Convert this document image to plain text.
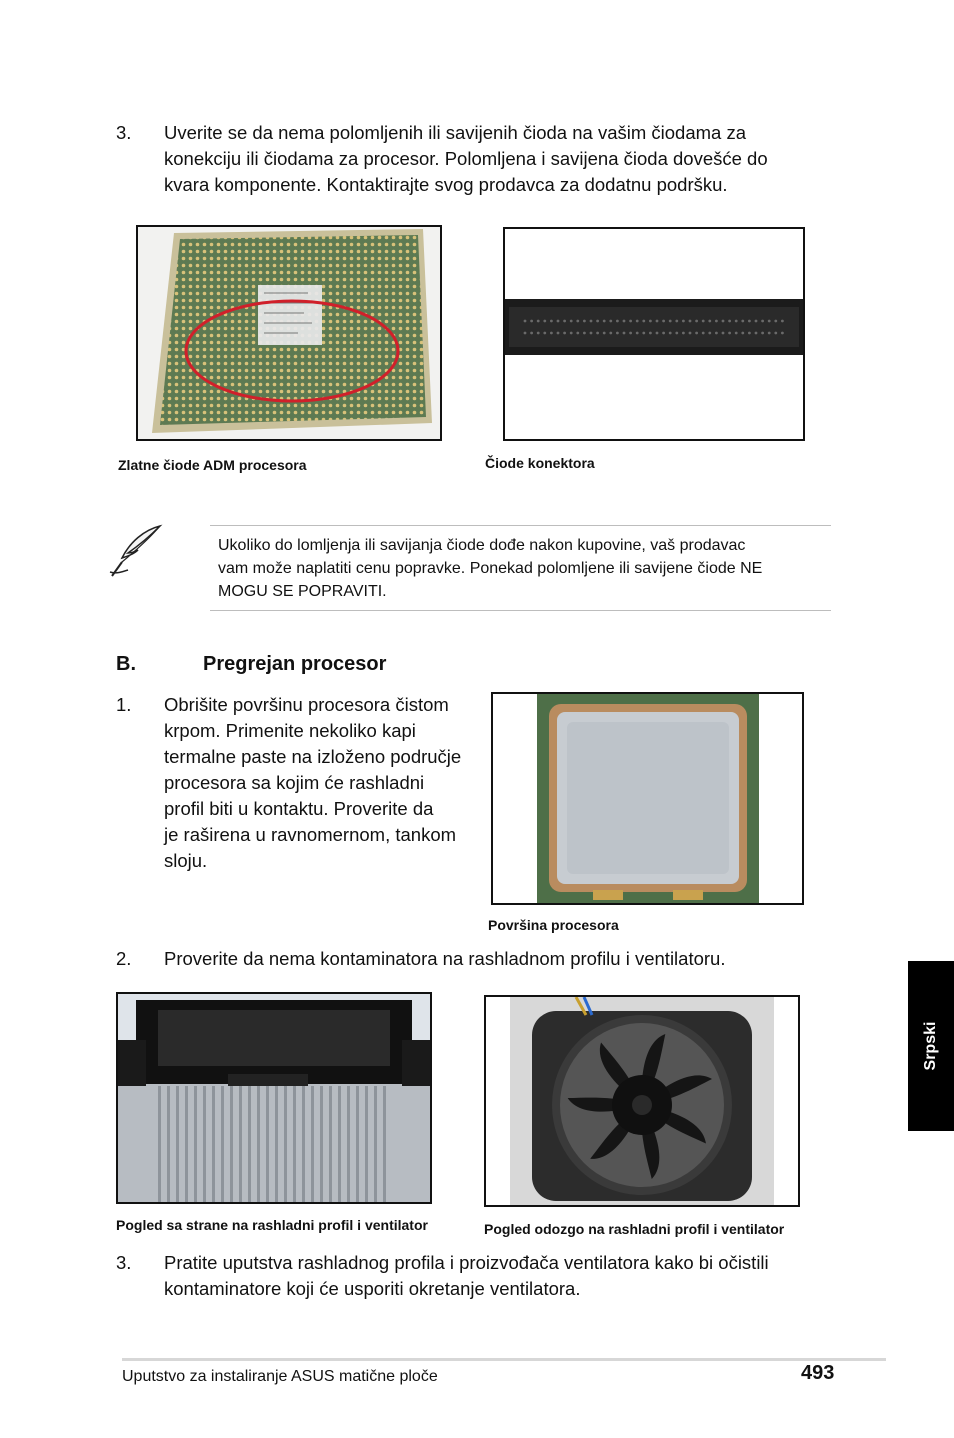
3. Uverite se da nema polomljenih ili savijenih čioda na vašim čiodama za
konekciju ili čiodama za procesor. Polomljena i savijena čioda dovešće do
kvara komponente. Kontaktirajte svog prodavca za dodatnu podršku.
Zlatne čiode ADM procesora	Čiode konektora
Ukoliko do lomljenja ili savijanja čiode dođe nakon kupovine, vaš prodavac
vam može naplatiti cenu popravke. Ponekad polomljene ili savijene čiode NE
MOGU SE POPRAVITI.
B.	Pregrejan procesor
1. Obrišite površinu procesora čistom
krpom. Primenite nekoliko kapi
termalne paste na izloženo područje
procesora sa kojim će rashladni
profil biti u kontaktu. Proverite da
je raširena u ravnomernom, tankom
sloju.
Površina procesora
2. Proverite da nema kontaminatora na rashladnom profilu i ventilatoru.
Pogled sa strane na rashladni profil i ventilator	Pogled odozgo na rashladni profil i ventilator
3. Pratite uputstva rashladnog profila i proizvođača ventilatora kako bi očistili
kontaminatore koji će usporiti okretanje ventilatora.
Srpski
Uputstvo za instaliranje ASUS matične ploče	493
